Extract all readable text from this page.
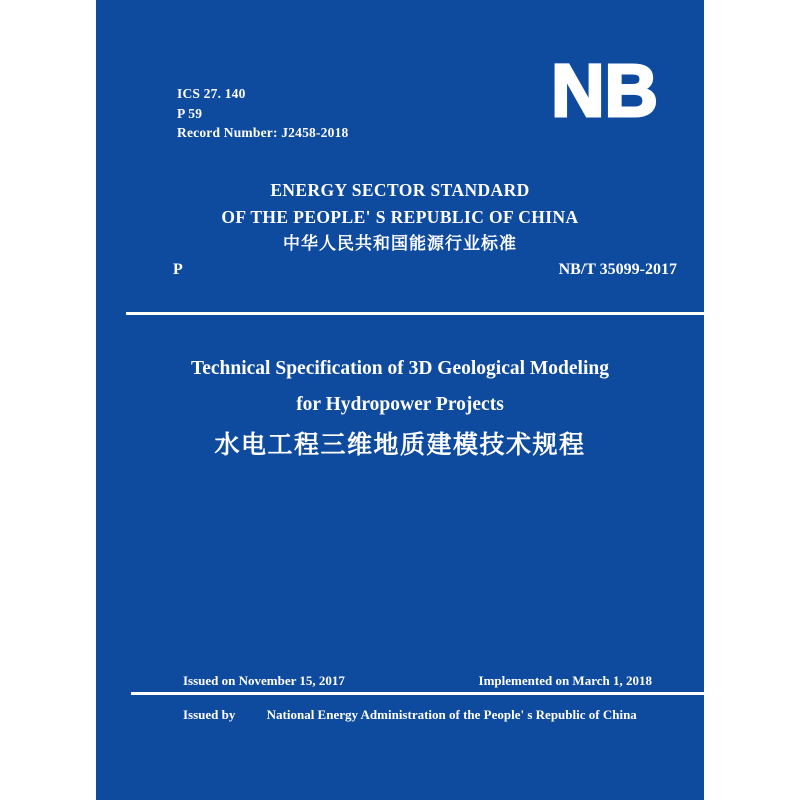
ICS 27. 140
P 59
Record Number: J2458-2018
NB
ENERGY SECTOR STANDARD
OF THE PEOPLE' S REPUBLIC OF CHINA
中华人民共和国能源行业标准
P	NB/T 35099-2017
Technical Specification of 3D Geological Modeling
for Hydropower Projects
水电工程三维地质建模技术规程
Issued on November 15, 2017	Implemented on March 1, 2018
Issued by National Energy Administration of the People' s Republic of China
